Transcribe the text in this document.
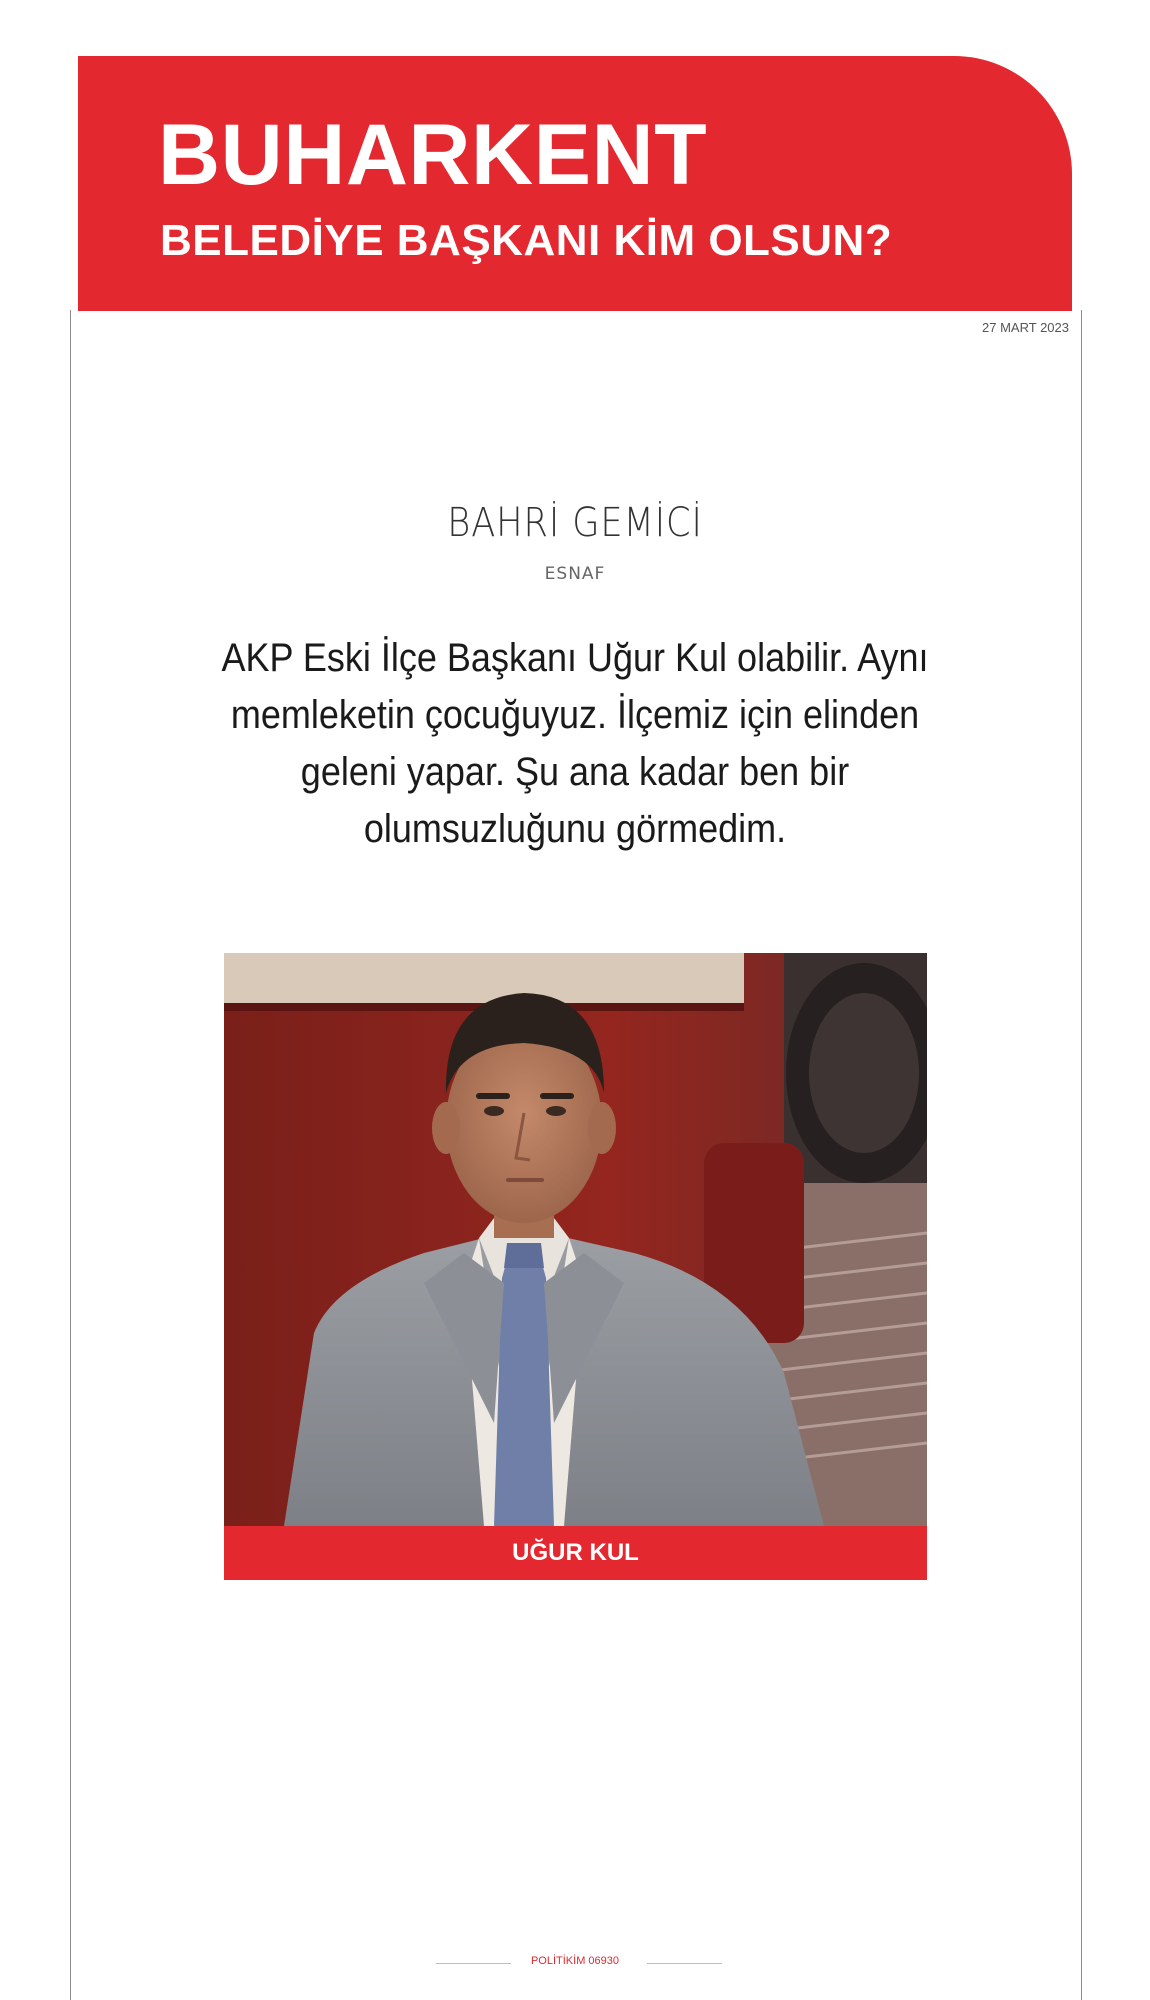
BUHARKENT
BELEDİYE BAŞKANI KİM OLSUN?
27 MART 2023
BAHRİ GEMİCİ
ESNAF

AKP Eski İlçe Başkanı Uğur Kul olabilir. Aynı memleketin çocuğuyuz. İlçemiz için elinden geleni yapar. Şu ana kadar ben bir olumsuzluğunu görmedim.

UĞUR KUL
POLİTİKİM 06930
